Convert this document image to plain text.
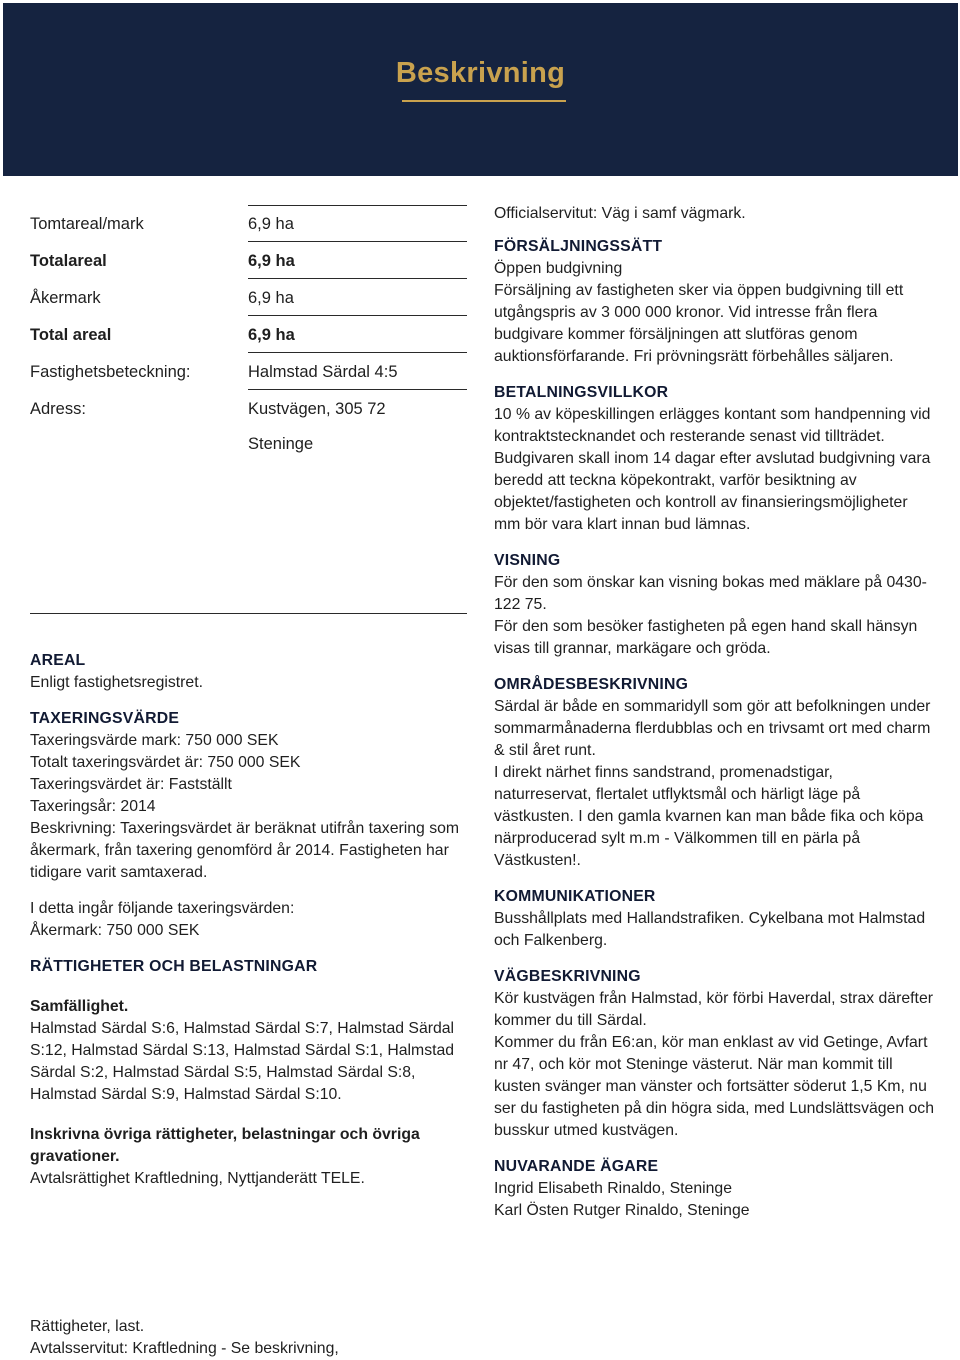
Beskrivning
Tomtareal/mark	6,9 ha
Totalareal	6,9 ha
Åkermark	6,9 ha
Total areal	6,9 ha
Fastighetsbeteckning:	Halmstad Särdal 4:5
Adress:	Kustvägen, 305 72
Steninge

AREAL

Enligt fastighetsregistret.

TAXERINGSVÄRDE

Taxeringsvärde mark: 750 000 SEK

Totalt taxeringsvärdet är: 750 000 SEK

Taxeringsvärdet är: Fastställt

Taxeringsår: 2014

Beskrivning: Taxeringsvärdet är beräknat utifrån taxering som åkermark, från taxering genomförd år 2014. Fastigheten har tidigare varit samtaxerad.

I detta ingår följande taxeringsvärden:

Åkermark: 750 000 SEK

RÄTTIGHETER OCH BELASTNINGAR

Samfällighet.

Halmstad Särdal S:6, Halmstad Särdal S:7, Halmstad Särdal S:12, Halmstad Särdal S:13, Halmstad Särdal S:1, Halmstad Särdal S:2, Halmstad Särdal S:5, Halmstad Särdal S:8, Halmstad Särdal S:9, Halmstad Särdal S:10.

Inskrivna övriga rättigheter, belastningar och övriga gravationer.

Avtalsrättighet Kraftledning, Nyttjanderätt TELE.

Officialservitut: Väg i samf vägmark.

FÖRSÄLJNINGSSÄTT

Öppen budgivning

Försäljning av fastigheten sker via öppen budgivning till ett utgångspris av 3 000 000 kronor. Vid intresse från flera budgivare kommer försäljningen att slutföras genom auktionsförfarande. Fri prövningsrätt förbehålles säljaren.

BETALNINGSVILLKOR

10 % av köpeskillingen erlägges kontant som handpenning vid kontraktstecknandet och resterande senast vid tillträdet. Budgivaren skall inom 14 dagar efter avslutad budgivning vara beredd att teckna köpekontrakt, varför besiktning av objektet/fastigheten och kontroll av finansieringsmöjligheter mm bör vara klart innan bud lämnas.

VISNING

För den som önskar kan visning bokas med mäklare på 0430- 122 75.

För den som besöker fastigheten på egen hand skall hänsyn visas till grannar, markägare och gröda.

OMRÅDESBESKRIVNING

Särdal är både en sommaridyll som gör att befolkningen under sommarmånaderna flerdubblas och en trivsamt ort med charm & stil året runt.

I direkt närhet finns sandstrand, promenadstigar, naturreservat, flertalet utflyktsmål och härligt läge på västkusten. I den gamla kvarnen kan man både fika och köpa närproducerad sylt m.m - Välkommen till en pärla på Västkusten!.

KOMMUNIKATIONER

Busshållplats med Hallandstrafiken. Cykelbana mot Halmstad och Falkenberg.

VÄGBESKRIVNING

Kör kustvägen från Halmstad, kör förbi Haverdal, strax därefter kommer du till Särdal.

Kommer du från E6:an, kör man enklast av vid Getinge, Avfart nr 47, och kör mot Steninge västerut. När man kommit till kusten svänger man vänster och fortsätter söderut 1,5 Km, nu ser du fastigheten på din högra sida, med Lundslättsvägen och busskur utmed kustvägen.

NUVARANDE ÄGARE

Ingrid Elisabeth Rinaldo, Steninge

Karl Östen Rutger Rinaldo, Steninge

Rättigheter, last.

Avtalsservitut: Kraftledning - Se beskrivning,
